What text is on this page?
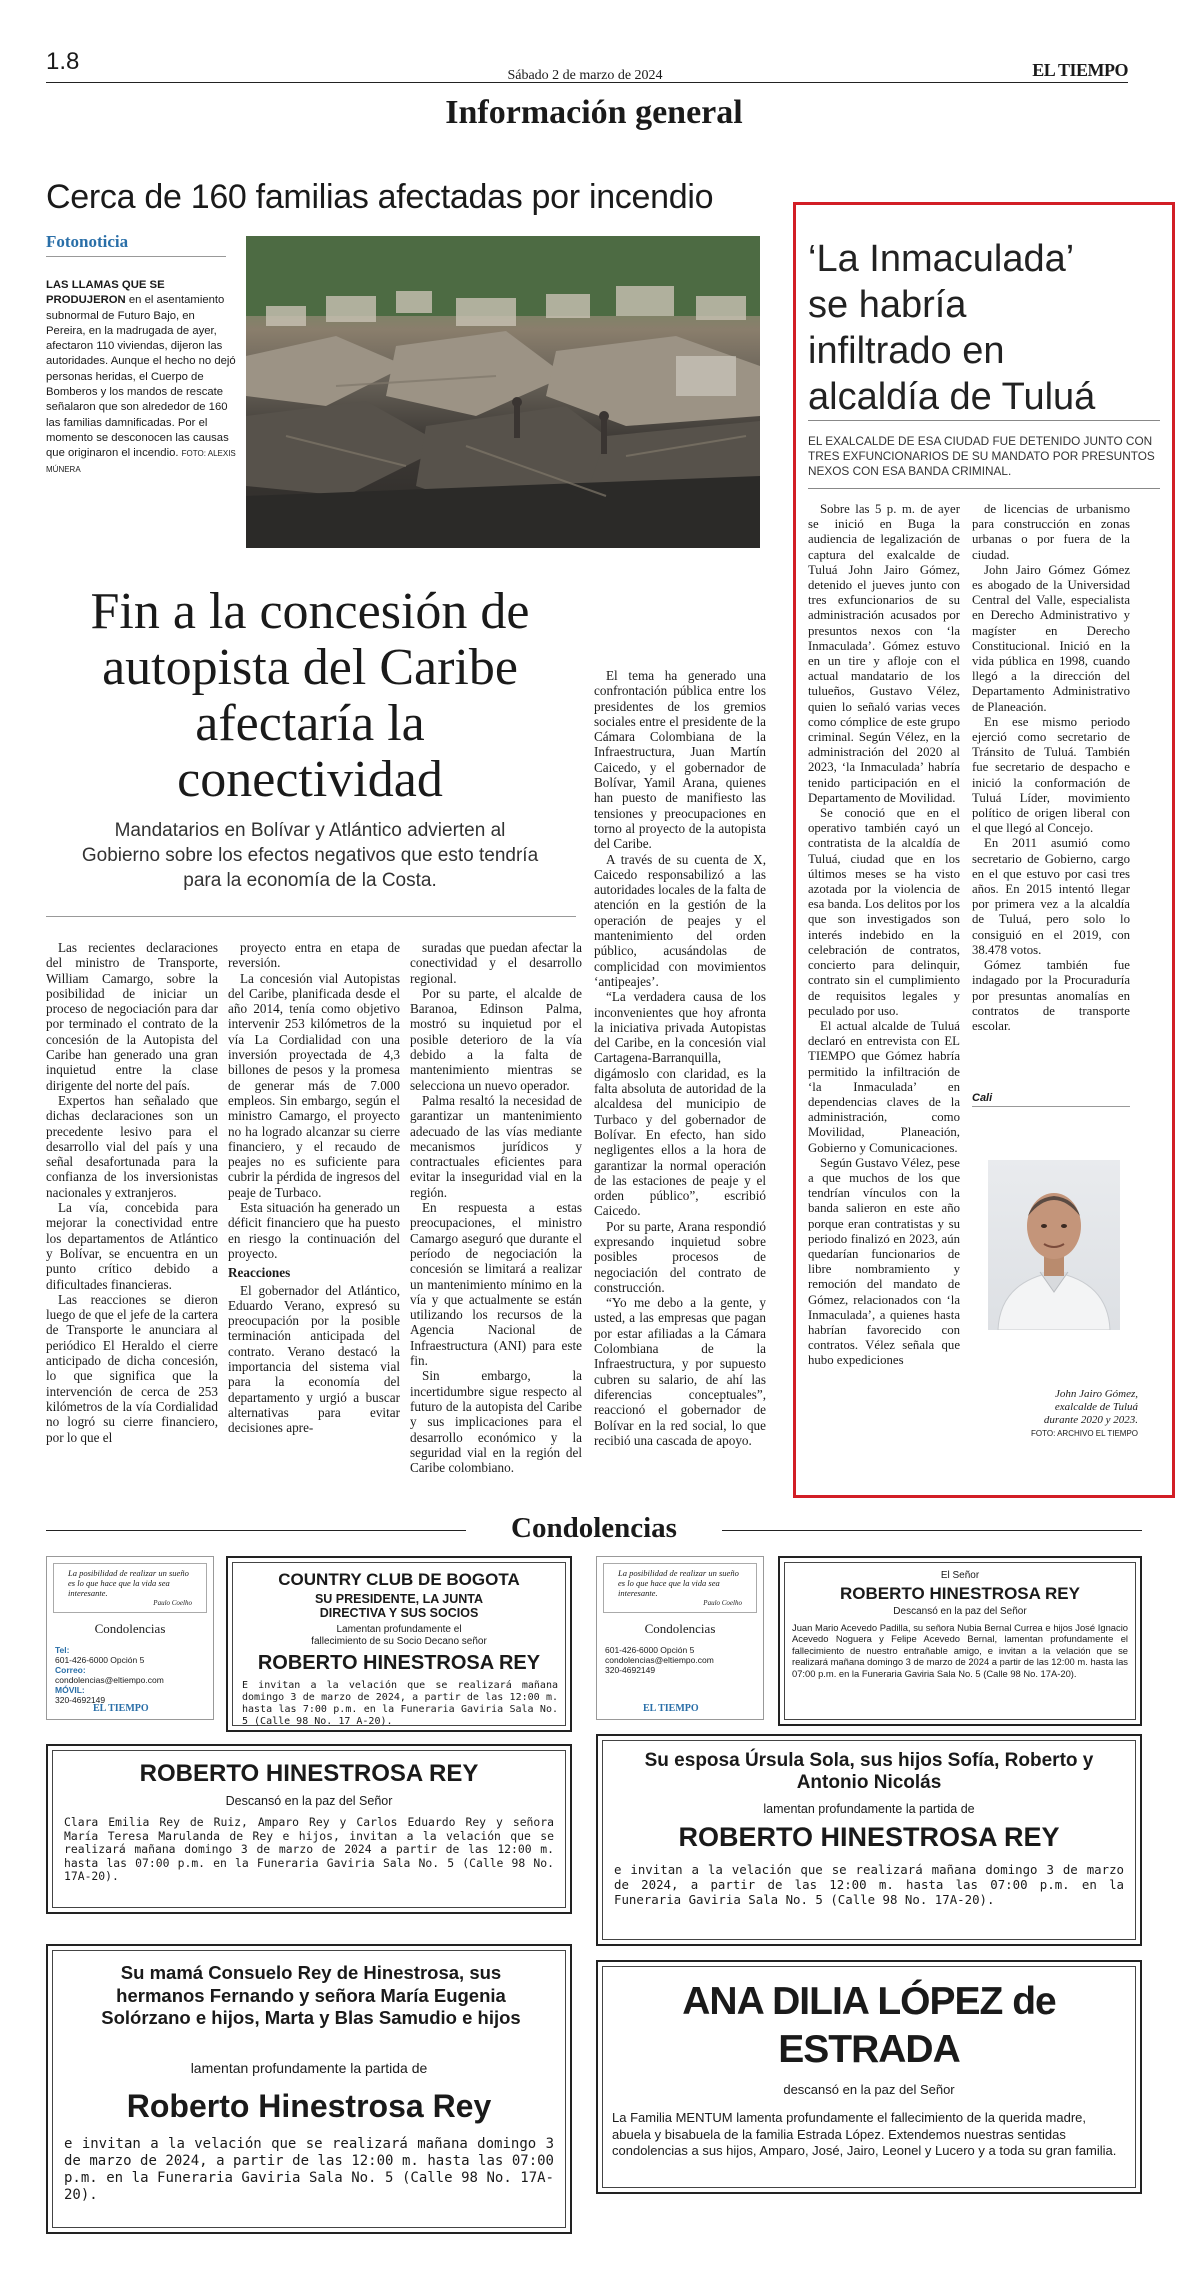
1.8
Sábado 2 de marzo de 2024	EL TIEMPO
Información general
Cerca de 160 familias afectadas por incendio
Fotonoticia
LAS LLAMAS QUE SE PRODUJERON en el asentamiento subnormal de Futuro Bajo, en Pereira, en la madrugada de ayer, afectaron 110 viviendas, dijeron las autoridades. Aunque el hecho no dejó personas heridas, el Cuerpo de Bomberos y los mandos de rescate señalaron que son alrededor de 160 las familias damnificadas. Por el momento se desconocen las causas que originaron el incendio. FOTO: ALEXIS MÚNERA
Fin a la concesión de autopista del Caribe afectaría la conectividad
Mandatarios en Bolívar y Atlántico advierten al Gobierno sobre los efectos negativos que esto tendría para la economía de la Costa.

Las recientes declaraciones del ministro de Transporte, William Camargo, sobre la posibilidad de iniciar un proceso de negociación para dar por terminado el contrato de la concesión de la Autopista del Caribe han generado una gran inquietud entre la clase dirigente del norte del país.

Expertos han señalado que dichas declaraciones son un precedente lesivo para el desarrollo vial del país y una señal desafortunada para la confianza de los inversionistas nacionales y extranjeros.

La vía, concebida para mejorar la conectividad entre los departamentos de Atlántico y Bolívar, se encuentra en un punto crítico debido a dificultades financieras.

Las reacciones se dieron luego de que el jefe de la cartera de Transporte le anunciara al periódico El Heraldo el cierre anticipado de dicha concesión, lo que significa que la intervención de cerca de 253 kilómetros de la vía Cordialidad no logró su cierre financiero, por lo que el

proyecto entra en etapa de reversión.

La concesión vial Autopistas del Caribe, planificada desde el año 2014, tenía como objetivo intervenir 253 kilómetros de la vía La Cordialidad con una inversión proyectada de 4,3 billones de pesos y la promesa de generar más de 7.000 empleos. Sin embargo, según el ministro Camargo, el proyecto no ha logrado alcanzar su cierre financiero, y el recaudo de peajes no es suficiente para cubrir la pérdida de ingresos del peaje de Turbaco.

Esta situación ha generado un déficit financiero que ha puesto en riesgo la continuación del proyecto.

Reacciones

El gobernador del Atlántico, Eduardo Verano, expresó su preocupación por la posible terminación anticipada del contrato. Verano destacó la importancia del sistema vial para la economía del departamento y urgió a buscar alternativas para evitar decisiones apre-

suradas que puedan afectar la conectividad y el desarrollo regional.

Por su parte, el alcalde de Baranoa, Edinson Palma, mostró su inquietud por el posible deterioro de la vía debido a la falta de mantenimiento mientras se selecciona un nuevo operador.

Palma resaltó la necesidad de garantizar un mantenimiento adecuado de las vías mediante mecanismos jurídicos y contractuales eficientes para evitar la inseguridad vial en la región.

En respuesta a estas preocupaciones, el ministro Camargo aseguró que durante el período de negociación la concesión se limitará a realizar un mantenimiento mínimo en la vía y que actualmente se están utilizando los recursos de la Agencia Nacional de Infraestructura (ANI) para este fin.

Sin embargo, la incertidumbre sigue respecto al futuro de la autopista del Caribe y sus implicaciones para el desarrollo económico y la seguridad vial en la región del Caribe colombiano.

El tema ha generado una confrontación pública entre los presidentes de los gremios sociales entre el presidente de la Cámara Colombiana de la Infraestructura, Juan Martín Caicedo, y el gobernador de Bolívar, Yamil Arana, quienes han puesto de manifiesto las tensiones y preocupaciones en torno al proyecto de la autopista del Caribe.

A través de su cuenta de X, Caicedo responsabilizó a las autoridades locales de la falta de atención en la gestión de la operación de peajes y el mantenimiento del orden público, acusándolas de complicidad con movimientos ‘antipeajes’.

“La verdadera causa de los inconvenientes que hoy afronta la iniciativa privada Autopistas del Caribe, en la concesión vial Cartagena-Barranquilla, digámoslo con claridad, es la falta absoluta de autoridad de la alcaldesa del municipio de Turbaco y del gobernador de Bolívar. En efecto, han sido negligentes ellos a la hora de garantizar la normal operación de las estaciones de peaje y el orden público”, escribió Caicedo.

Por su parte, Arana respondió expresando inquietud sobre posibles procesos de negociación del contrato de construcción.

“Yo me debo a la gente, y usted, a las empresas que pagan por estar afiliadas a la Cámara Colombiana de la Infraestructura, y por supuesto cubren su salario, de ahí las diferencias conceptuales”, reaccionó el gobernador de Bolívar en la red social, lo que recibió una cascada de apoyo.

‘La Inmaculada’ se habría infiltrado en alcaldía de Tuluá
EL EXALCALDE DE ESA CIUDAD FUE DETENIDO JUNTO CON TRES EXFUNCIONARIOS DE SU MANDATO POR PRESUNTOS NEXOS CON ESA BANDA CRIMINAL.

Sobre las 5 p. m. de ayer se inició en Buga la audiencia de legalización de captura del exalcalde de Tuluá John Jairo Gómez, detenido el jueves junto con tres exfuncionarios de su administración acusados por presuntos nexos con ‘la Inmaculada’. Gómez estuvo en un tire y afloje con el actual mandatario de los tulueños, Gustavo Vélez, quien lo señaló varias veces como cómplice de este grupo criminal. Según Vélez, en la administración del 2020 al 2023, ‘la Inmaculada’ habría tenido participación en el Departamento de Movilidad.

Se conoció que en el operativo también cayó un contratista de la alcaldía de Tuluá, ciudad que en los últimos meses se ha visto azotada por la violencia de esa banda. Los delitos por los que son investigados son interés indebido en la celebración de contratos, concierto para delinquir, contrato sin el cumplimiento de requisitos legales y peculado por uso.

El actual alcalde de Tuluá declaró en entrevista con EL TIEMPO que Gómez habría permitido la infiltración de ‘la Inmaculada’ en dependencias claves de la administración, como Movilidad, Planeación, Gobierno y Comunicaciones.

Según Gustavo Vélez, pese a que muchos de los que tendrían vínculos con la banda salieron en este año porque eran contratistas y su periodo finalizó en 2023, aún quedarían funcionarios de libre nombramiento y remoción del mandato de Gómez, relacionados con ‘la Inmaculada’, a quienes hasta habrían favorecido con contratos. Vélez señala que hubo expediciones

de licencias de urbanismo para construcción en zonas urbanas o por fuera de la ciudad.

John Jairo Gómez Gómez es abogado de la Universidad Central del Valle, especialista en Derecho Administrativo y magíster en Derecho Constitucional. Inició en la vida pública en 1998, cuando llegó a la dirección del Departamento Administrativo de Planeación.

En ese mismo periodo ejerció como secretario de Tránsito de Tuluá. También fue secretario de despacho e inició la conformación de Tuluá Líder, movimiento político de origen liberal con el que llegó al Concejo.

En 2011 asumió como secretario de Gobierno, cargo en el que estuvo por casi tres años. En 2015 intentó llegar por primera vez a la alcaldía de Tuluá, pero solo lo consiguió en el 2019, con 38.478 votos.

Gómez también fue indagado por la Procuraduría por presuntas anomalías en contratos de transporte escolar.

Cali
John Jairo Gómez, exalcalde de Tuluá durante 2020 y 2023. FOTO: ARCHIVO EL TIEMPO
Condolencias
La posibilidad de realizar un sueño es lo que hace que la vida sea interesante.
Paulo Coelho
Condolencias
Tel:
601-426-6000 Opción 5
Correo:
condolencias@eltiempo.com
MÓVIL:
320-4692149
EL TIEMPO
COUNTRY CLUB DE BOGOTA
SU PRESIDENTE, LA JUNTA DIRECTIVA Y SUS SOCIOS
Lamentan profundamente el fallecimiento de su Socio Decano señor
ROBERTO HINESTROSA REY
E invitan a la velación que se realizará mañana domingo 3 de marzo de 2024, a partir de las 12:00 m. hasta las 7:00 p.m. en la Funeraria Gaviria Sala No. 5 (Calle 98 No. 17 A-20).
La posibilidad de realizar un sueño es lo que hace que la vida sea interesante.
Paulo Coelho
Condolencias
601-426-6000 Opción 5
condolencias@eltiempo.com
320-4692149
EL TIEMPO
El Señor
ROBERTO HINESTROSA REY
Descansó en la paz del Señor
Juan Mario Acevedo Padilla, su señora Nubia Bernal Currea e hijos José Ignacio Acevedo Noguera y Felipe Acevedo Bernal, lamentan profundamente el fallecimiento de nuestro entrañable amigo, e invitan a la velación que se realizará mañana domingo 3 de marzo de 2024 a partir de las 12:00 m. hasta las 07:00 p.m. en la Funeraria Gaviria Sala No. 5 (Calle 98 No. 17A-20).
ROBERTO HINESTROSA REY
Descansó en la paz del Señor
Clara Emilia Rey de Ruiz, Amparo Rey y Carlos Eduardo Rey y señora María Teresa Marulanda de Rey e hijos, invitan a la velación que se realizará mañana domingo 3 de marzo de 2024 a partir de las 12:00 m. hasta las 07:00 p.m. en la Funeraria Gaviria Sala No. 5 (Calle 98 No. 17A-20).
Su esposa Úrsula Sola, sus hijos Sofía, Roberto y Antonio Nicolás
lamentan profundamente la partida de
ROBERTO HINESTROSA REY
e invitan a la velación que se realizará mañana domingo 3 de marzo de 2024, a partir de las 12:00 m. hasta las 07:00 p.m. en la Funeraria Gaviria Sala No. 5 (Calle 98 No. 17A-20).
Su mamá Consuelo Rey de Hinestrosa, sus hermanos Fernando y señora María Eugenia Solórzano e hijos, Marta y Blas Samudio e hijos
lamentan profundamente la partida de
Roberto Hinestrosa Rey
e invitan a la velación que se realizará mañana domingo 3 de marzo de 2024, a partir de las 12:00 m. hasta las 07:00 p.m. en la Funeraria Gaviria Sala No. 5 (Calle 98 No. 17A-20).
ANA DILIA LÓPEZ de ESTRADA
descansó en la paz del Señor
La Familia MENTUM lamenta profundamente el fallecimiento de la querida madre, abuela y bisabuela de la familia Estrada López. Extendemos nuestras sentidas condolencias a sus hijos, Amparo, José, Jairo, Leonel y Lucero y a toda su gran familia.
